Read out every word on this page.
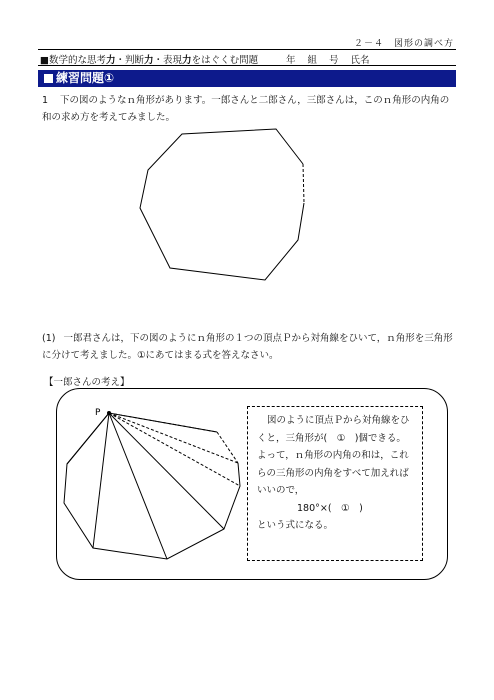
２－４　図形の調べ方
■数学的な思考力・判断力・表現力をはぐくむ問題	年 組 号 氏名
練習問題①
1 下の図のようなｎ角形があります。一郎さんと二郎さん，三郎さんは，このｎ角形の内角の和の求め方を考えてみました。
P
(1) 一郎君さんは，下の図のようにｎ角形の１つの頂点Ｐから対角線をひいて，ｎ角形を三角形に分けて考えました。①にあてはまる式を答えなさい。
【一郎さんの考え】
図のように頂点Ｐから対角線をひ
くと，三角形が(　①　)個できる。
よって，ｎ角形の内角の和は，これ
らの三角形の内角をすべて加えれば
いいので，
180°×(　①　)
という式になる。
